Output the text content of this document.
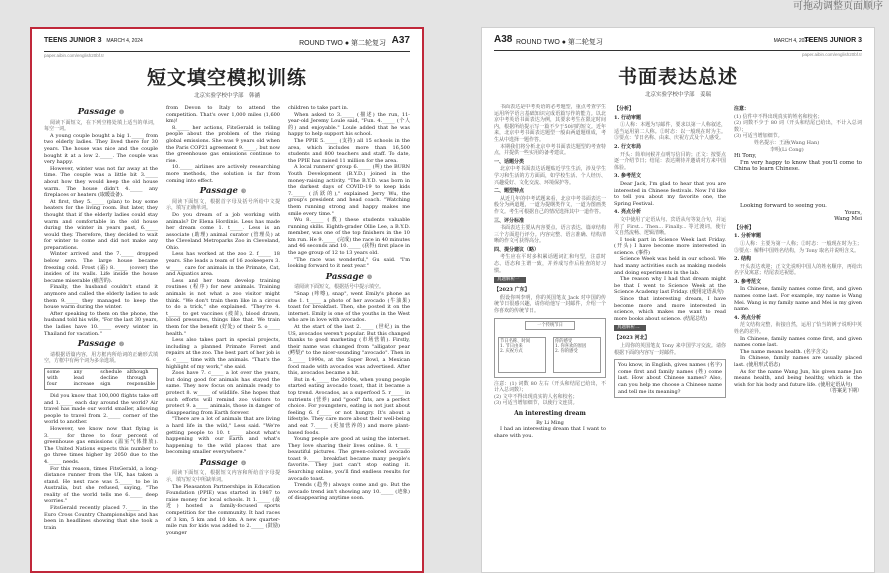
可拖动调整页面顺序
TEENS JUNIOR 3 MARCH 4, 2024	ROUND TWO ● 第二轮复习 A37
paper.aibin.com/english20bf.tr
短文填空模拟训练
北京实验学校中学部　韩涵
Passage ❶

阅读下面短文，在下列空格处填上适当的单词，每空一词。

A young couple bought a big 1._____ from two elderly ladies. They lived there for 30 years. The house was nice and the couple bought it at a low 2._____. The couple was very happy.

However, winter was not far away at the time. The couple was a little bit 3._____ about how they would keep the old house warm. The house didn't 4._____ any fireplaces or heaters (取暖设备).

At first, they 5._____ (plan) to buy some heaters for the living room. But later, they thought that if the elderly ladies could stay warm and comfortable in the old house during the winter in years past, 6._____ would they. Therefore, they decided to wait for winter to come and did not make any preparations.

Winter arrived and the 7._____ dropped below zero. The large house became freezing cold. Frost (霜) 8._____ (cover) the insides of its walls. Life inside the house became miserable (痛苦的).

Finally, the husband couldn't stand it anymore and called the elderly ladies to ask them 9._____ they managed to keep the house warm during the winter.

After speaking to them on the phone, the husband told his wife, "For the last 30 years, the ladies have 10._____ every winter in Thailand for vacation."

Passage ❷

请根据语篇内容，用方框内所给词的正确形式填空，方框中有两个词为多余选项。

some	any	schedule	although
with	lead	decline	through
four	increase	sign	responsible

Did you know that 100,000 flights take off and 1._____ each day around the world? Air travel has made our world smaller, allowing people to travel from 2._____ corner of the world to another.

However, we know now that flying is 3._____ for three to four percent of greenhouse gas emissions (温室气体排放). The United Nations expects this number to go three times higher by 2050 due to the 4._____ needs.

For this reason, times FitsGerald, a long-distance runner from the UK, has taken a stand. He next race was 5._____ to be in Australia, but she refused, saying, "The reality of the world tells me 6._____ deep worries."

FitsGerald recently placed 7._____ in the Euro Cross Country Championships and has been in headlines showing that she took a train

from Devon to Italy to attend the competition. That's over 1,000 miles (1,600 km)!

8._____ her actions, FitsGerald is telling people about the problem of the rising global emissions. She was 9 years old when the Paris COP21 agreement 9._____, but now the greenhouse gas emissions continue to rise.

10._____ airlines are actively researching more methods, the solution is far from coming into effect.

Passage ❸

阅读下面短文，根据首字母及括号所给中文提示，填写正确单词。

Do you dream of a job working with animals? Dr Elena Hordinis. Less has made her dream come 1. t_____. Less is an associate (助理) animal curator (管理员) at the Cleveland Metroparks Zoo in Cleveland, Ohio.

Less has worked at the zoo 2. f_____ 18 years. She leads a team of 16 zookeepers 3. w_____ care for animals in the Primate, Cat, and Aquatics area.

Less and her team develop training routines (程序) for new animals. Training animals is not what a zoo visitor might think. "We don't train them like in a circus to do a trick," she explained. "They're 4. t_____ to get vaccines (疫苗), blood drawn, blood pressures, things like that. We train them for the benefit (好处) of their 5. o_____ health."

Less also takes part in special projects, including a planned Primate Forest and repairs at the zoo. The best part of her job is 6. c_____ time with the animals. "That's the highlight of my work," she said.

Zoos have 7. c_____ a lot over the years, but doing good for animals has stayed the same. They now focus on animals ready to protect 8. w_____ of wildlife. She hopes that such efforts will remind zoo visitors to protect 9. a_____ animals, those in danger of disappearing from Earth forever.

"There are a lot of animals that are living a hard life in the wild," Less said. "We're getting people to 10. t_____ about what's happening with our Earth and what's happening to the wild places that are becoming smaller everywhere."

Passage ❹

阅读下面短文，根据短文内容和所给首字母提示，填写短文中所缺单词。

The Pleasanton Partnerships in Education Foundation (PPIE) was started in 1987 to raise money for local schools. It 1._____ (最近) hosted a family-focused sports competition for the community. It had races of 3 km, 5 km and 10 km. A new quarter-mile run for kids was added to 2._____ (鼓励) younger

children to take part in.

When asked to 3._____ (描述) the run, 11-year-old Jeremy Loule said, "Fun. 4._____ (个人的) and enjoyable." Loule added that he was happy to help support his school.

The PPIE 5._____ (支持) all 15 schools in the area, which includes more than 16,500 students and 800 teachers and staff. To date, the PPIE has raised 11 million for the area.

A local runners' group 6._____ (叫) the BURN Youth Development (B.Y.D.) joined in the money-raising activity. "The B.Y.D. was born in the darkest days of COVID-19 to keep kids 7._____ (活跃的)," explained Jerry Wu, the group's president and head coach. "Watching them running strong and happy makes me smile every time."

Wu 8._____ (教) these students valuable running skills. Eighth-grader Ollie Lee, a B.Y.D. member, was one of the top finishers in the 10 km run. He 9._____ (完成) the race in 40 minutes and 46 seconds and 10._____ (获得) first place in the age group of 12 to 13 years old.

"The race was wonderful," Gu said. "I'm looking forward to it next year."

Passage ❺

请阅读下面短文，根据括号中提示填空。

"Snap (咔嚓), snap", went Emily's phone as she 1. t_____ a photo of her avocado (牛油果) toast for breakfast. Then, she posted it on the internet. Emily is one of the youths in the West who are in love with avocados.

At the start of the last 2._____ (世纪) in the US, avocados weren't popular. But this changed thanks to good marketing (市场营销). Firstly, their name was changed from "alligator pear (鳄梨)" to the nicer-sounding "avocado". Then in 3._____ 1990s, at the Super Bowl, a Mexican food made with avocados was advertised. After this, avocados became a hit.

But in 4._____ the 2000s, when young people started eating avocado toast, that it became a top trend. Avocados, as a superfood 5. r_____ in nutrients (营养) and "good" fats, are a perfect choice. For youngsters, eating is not just about feeling 6. f_____ or not hungry. It's about a lifestyle. They care more about their well-being and eat 7._____ (更加营养的) and more plant-based foods.

Young people are good at using the internet. They love sharing their lives online. 8. t_____ beautiful pictures. The green-colored avocado toast 9._____ breakfast became many people's favorite. They just can't stop eating it. Searching online, you'll find endless results for avocado toast.

Trends (趋势) always come and go. But the avocado trend isn't showing any 10._____ (迹象) of disappearing anytime soon.

A38 ROUND TWO ● 第二轮复习	MARCH 4, 2024
TEENS JUNIOR 3
paper.aibin.com/english20bf.tr
书面表达总述
北京实验学校中学部　姜瑞

书面表达是中考英语的必考题型，重点考查学生运用所学语言基础知识完成语篇写作的能力。以北京中考英语书面表达为例，其要求考生在限定时间内，根据所给提示写一篇不少于50词的短文。近年来，北京中考书面表达题型一般由两道题组成，考生从中选择一题作答。

本期我们将分析北京中考书面表达题型的考查特点，并提供一些实用的备考建议。

一、话题分类

北京中考书面表达话题贴近学生生活，涉及学生学习和生活的方方面面，如学校生活、个人经历、兴趣爱好、文化交流、环境保护等。

二、题型特点

从近几年的中考试题来看，北京中考书面表达一般分为两道题，一道为提纲类作文，一道为图画类作文。考生可根据自己的情况选择其中一道作答。

三、评分标准

书面表达主要从内容要点、语言表达、篇章结构三个方面进行评分。内容完整、语言准确、结构清晰的作文可获得高分。

四、提分建议（略）

考生应在平时多积累话题词汇和句型，注意时态、语态和主谓一致，并养成写作后检查的好习惯。

真题解析一
【2023 广东】

假设你叫李明，你的英国笔友 Jack 对中国的传统节日很感兴趣，请你给他写一封邮件，介绍一个你喜欢的传统节日。

一个传统节日
节日名称、时间
1. 节日由来
2. 庆祝方式
你的感受
1. 你喜欢的原因
2. 你的感受

注意：(1) 词数 80 左右（开头和结尾已给出，不计入总词数）；

(2) 文中不得出现真实的人名和校名；

(3) 可适当增加细节，以使行文连贯。

An interesting dream

By Li Ming

I had an interesting dream that I want to share with you.

【分析】
1. 行动审题

①人称：本题为写邮件，要求以第一人称叙述，适当运用第二人称。②时态：以一般现在时为主。③要点：节日名称、由来、庆祝方式及个人感受。

2. 行文布局

开头：简单问候并点明写信目的；正文：按要点逐一介绍节日；结尾：表达期待并邀请对方来中国体验。

3. 参考范文

Dear Jack, I'm glad to hear that you are interested in Chinese festivals. Now I'd like to tell you about my favorite one, the Spring Festival.

4. 亮点分析

文中使用了定语从句、宾语从句等复合句，并运用了 First... Then... Finally... 等过渡词，使行文自然流畅、逻辑清晰。

I took part in Science Week last Friday. (开头) I have become more interested in science. (事件)

Science Week was held in our school. We had many activities such as making models and doing experiments in the lab.

The reason why I had that dream might be that I went to Science Week at the Science Academy last Friday. (使用定语从句)

Since that interesting dream, I have become more and more interested in science, which makes me want to read more books about science. (结尾总结)

真题解析二
【2023 河北】

上周你的英国笔友 Tony 来中国学习交流。请你根据下面的内容写一封邮件。

You know, in English, gives names (名字) come first and family names (姓) come last. How about Chinese names? Also, can you help me choose a Chinese name and tell me its meaning?

注意：

(1) 信件中不得出现真实的姓名和校名；

(2) 词数不少于 80 词（开头和结尾已给出，不计入总词数）；

(3) 可适当增加细节。

姓名提示：王涵(Wang Han)

李明(Li Cong)

Hi Tony,

I'm very happy to know that you'll come to China to learn Chinese.

Looking forward to seeing you.

Yours,

Wang Mei

【分析】
1. 分析审题

①人称：主要为第一人称；②时态：一般现在时为主；③要点：解释中国姓名结构，为 Tony 取名并说明含义。

2. 结构

开头表达欢迎；正文先说明中国人的姓名顺序，再给出名字及寓意；结尾表达祝愿。

3. 参考范文

In Chinese, family names come first, and given names come last. For example, my name is Wang Mei. Wang is my family name and Mei is my given name.

4. 亮点分析

范文结构完整，衔接自然，运用了恰当的例子说明中英姓名的差异。

In Chinese, family names come first, and given names come last.

The name means health. (名字含义)

In Chinese, family names are usually placed last. (使用形式语态)

As for the name Wang Jun, his given name Jun means health, and being healthy, which is the wish for his body and future life. (使用定语从句)

（答案见下期）
